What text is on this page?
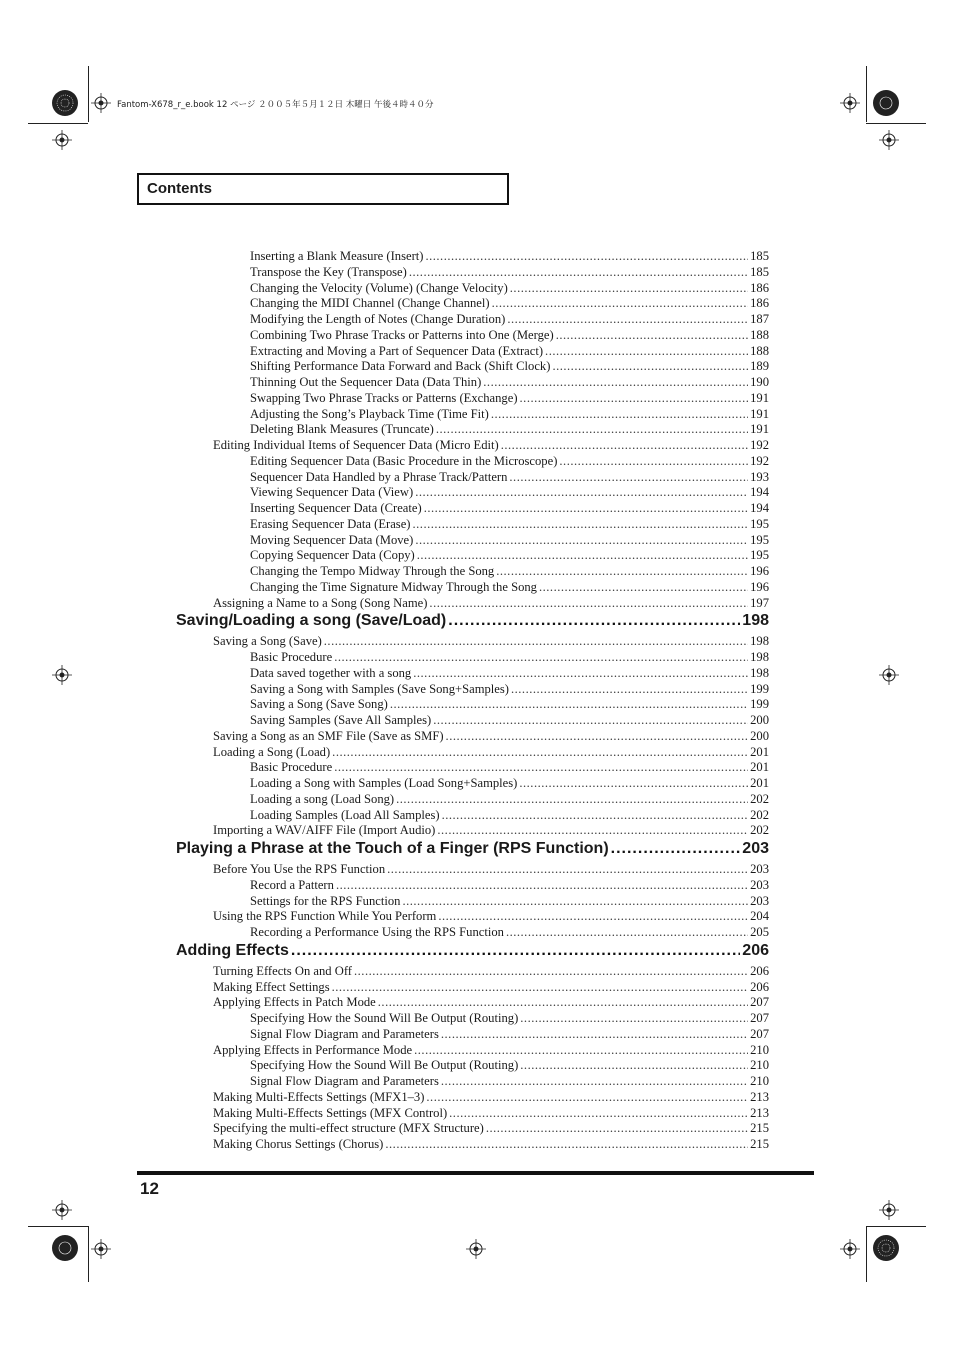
Fantom-X678_r_e.book 12 ページ ２００５年５月１２日 木曜日 午後４時４０分
Contents
Inserting a Blank Measure (Insert) .....	185
Transpose the Key (Transpose) .....	185
Changing the Velocity (Volume) (Change Velocity) .....	186
Changing the MIDI Channel (Change Channel) .....	186
Modifying the Length of Notes (Change Duration) .....	187
Combining Two Phrase Tracks or Patterns into One (Merge) .....	188
Extracting and Moving a Part of Sequencer Data (Extract) .....	188
Shifting Performance Data Forward and Back (Shift Clock) .....	189
Thinning Out the Sequencer Data (Data Thin) .....	190
Swapping Two Phrase Tracks or Patterns (Exchange) .....	191
Adjusting the Song’s Playback Time (Time Fit) .....	191
Deleting Blank Measures (Truncate) .....	191
Editing Individual Items of Sequencer Data (Micro Edit) .....	192
Editing Sequencer Data (Basic Procedure in the Microscope) .....	192
Sequencer Data Handled by a Phrase Track/Pattern .....	193
Viewing Sequencer Data (View) .....	194
Inserting Sequencer Data (Create) .....	194
Erasing Sequencer Data (Erase) .....	195
Moving Sequencer Data (Move) .....	195
Copying Sequencer Data (Copy) .....	195
Changing the Tempo Midway Through the Song .....	196
Changing the Time Signature Midway Through the Song .....	196
Assigning a Name to a Song (Song Name) .....	197
Saving/Loading a song (Save/Load) .....	198
Saving a Song (Save) .....	198
Basic Procedure .....	198
Data saved together with a song .....	198
Saving a Song with Samples (Save Song+Samples) .....	199
Saving a Song (Save Song) .....	199
Saving Samples (Save All Samples) .....	200
Saving a Song as an SMF File (Save as SMF) .....	200
Loading a Song (Load) .....	201
Basic Procedure .....	201
Loading a Song with Samples (Load Song+Samples) .....	201
Loading a song (Load Song) .....	202
Loading Samples (Load All Samples) .....	202
Importing a WAV/AIFF File (Import Audio) .....	202
Playing a Phrase at the Touch of a Finger (RPS Function) .....	203
Before You Use the RPS Function .....	203
Record a Pattern .....	203
Settings for the RPS Function .....	203
Using the RPS Function While You Perform .....	204
Recording a Performance Using the RPS Function .....	205
Adding Effects .....	206
Turning Effects On and Off .....	206
Making Effect Settings .....	206
Applying Effects in Patch Mode .....	207
Specifying How the Sound Will Be Output (Routing) .....	207
Signal Flow Diagram and Parameters .....	207
Applying Effects in Performance Mode .....	210
Specifying How the Sound Will Be Output (Routing) .....	210
Signal Flow Diagram and Parameters .....	210
Making Multi-Effects Settings (MFX1–3) .....	213
Making Multi-Effects Settings (MFX Control) .....	213
Specifying the multi-effect structure (MFX Structure) .....	215
Making Chorus Settings (Chorus) .....	215
12
